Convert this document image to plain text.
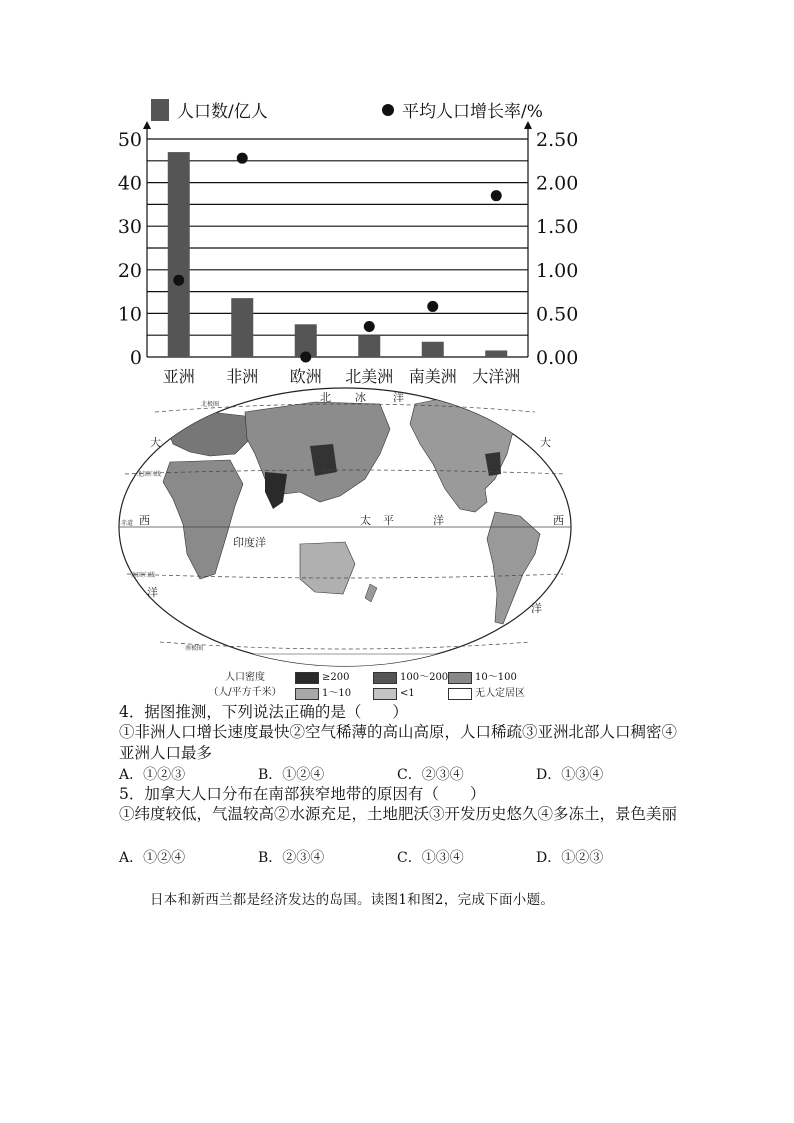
0
10
20
30
40
50
0.00
0.50
1.00
1.50
2.00
2.50
亚洲 非洲 欧洲 北美洲 南美洲 大洋洲
人口数/亿人	平均人口增长率/%
北 冰 洋
大	大
太 平	洋
西	西
印度洋
洋
洋
北极圈
北回归线
赤道
南回归线
南极圈
人口密度
（人/平方千米）
≥200	100～200	10～100
1～10	<1	无人定居区
4．据图推测，下列说法正确的是（　　）
①非洲人口增长速度最快②空气稀薄的高山高原，人口稀疏③亚洲北部人口稠密④亚洲人口最多
A．①②③	B．①②④	C．②③④	D．①③④
5．加拿大人口分布在南部狭窄地带的原因有（　　）
①纬度较低，气温较高②水源充足，土地肥沃③开发历史悠久④多冻土，景色美丽
A．①②④	B．②③④	C．①③④	D．①②③
日本和新西兰都是经济发达的岛国。读图1和图2，完成下面小题。
